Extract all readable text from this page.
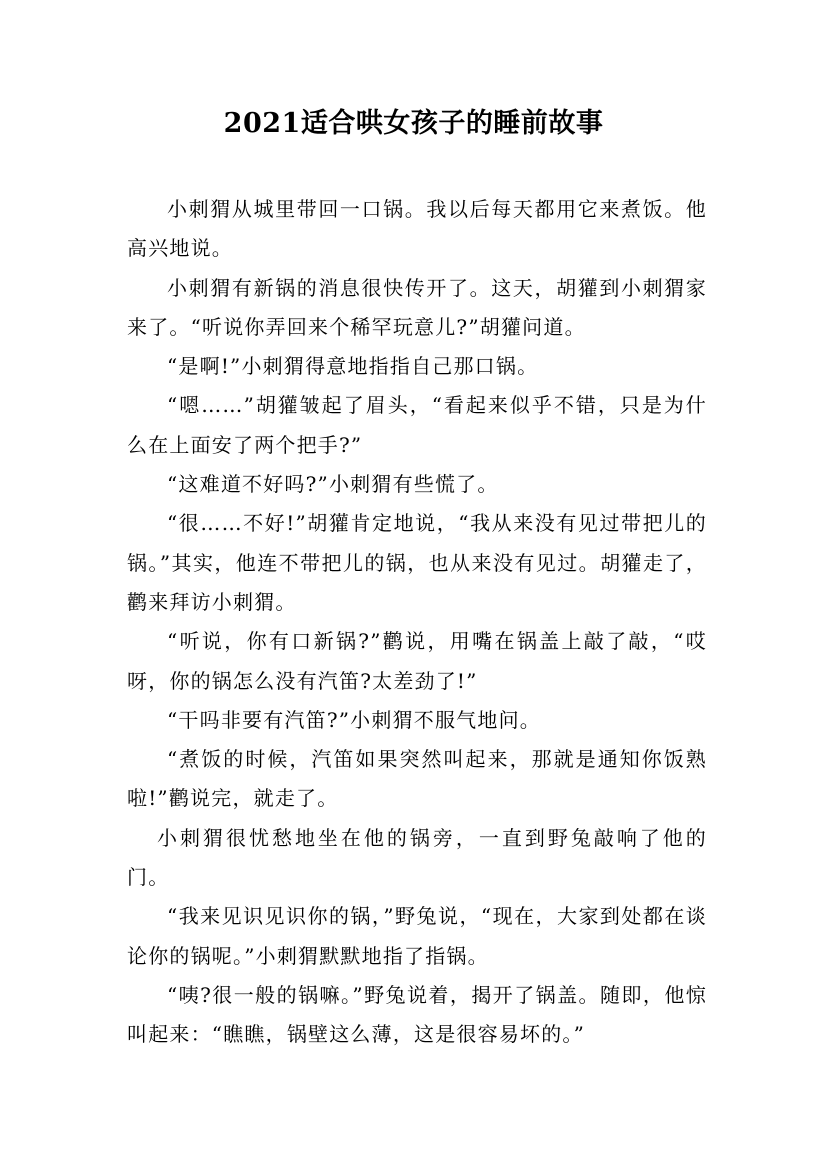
2021适合哄女孩子的睡前故事

小刺猬从城里带回一口锅。我以后每天都用它来煮饭。他高兴地说。

小刺猬有新锅的消息很快传开了。这天，胡獾到小刺猬家来了。“听说你弄回来个稀罕玩意儿?”胡獾问道。

“是啊!”小刺猬得意地指指自己那口锅。

“嗯……”胡獾皱起了眉头，“看起来似乎不错，只是为什么在上面安了两个把手?”

“这难道不好吗?”小刺猬有些慌了。

“很……不好!”胡獾肯定地说，“我从来没有见过带把儿的锅。”其实，他连不带把儿的锅，也从来没有见过。胡獾走了，鹳来拜访小刺猬。

“听说，你有口新锅?”鹳说，用嘴在锅盖上敲了敲，“哎呀，你的锅怎么没有汽笛?太差劲了!”

“干吗非要有汽笛?”小刺猬不服气地问。

“煮饭的时候，汽笛如果突然叫起来，那就是通知你饭熟啦!”鹳说完，就走了。

小刺猬很忧愁地坐在他的锅旁，一直到野兔敲响了他的门。

“我来见识见识你的锅，”野兔说，“现在，大家到处都在谈论你的锅呢。”小刺猬默默地指了指锅。

“咦?很一般的锅嘛。”野兔说着，揭开了锅盖。随即，他惊叫起来：“瞧瞧，锅壁这么薄，这是很容易坏的。”
